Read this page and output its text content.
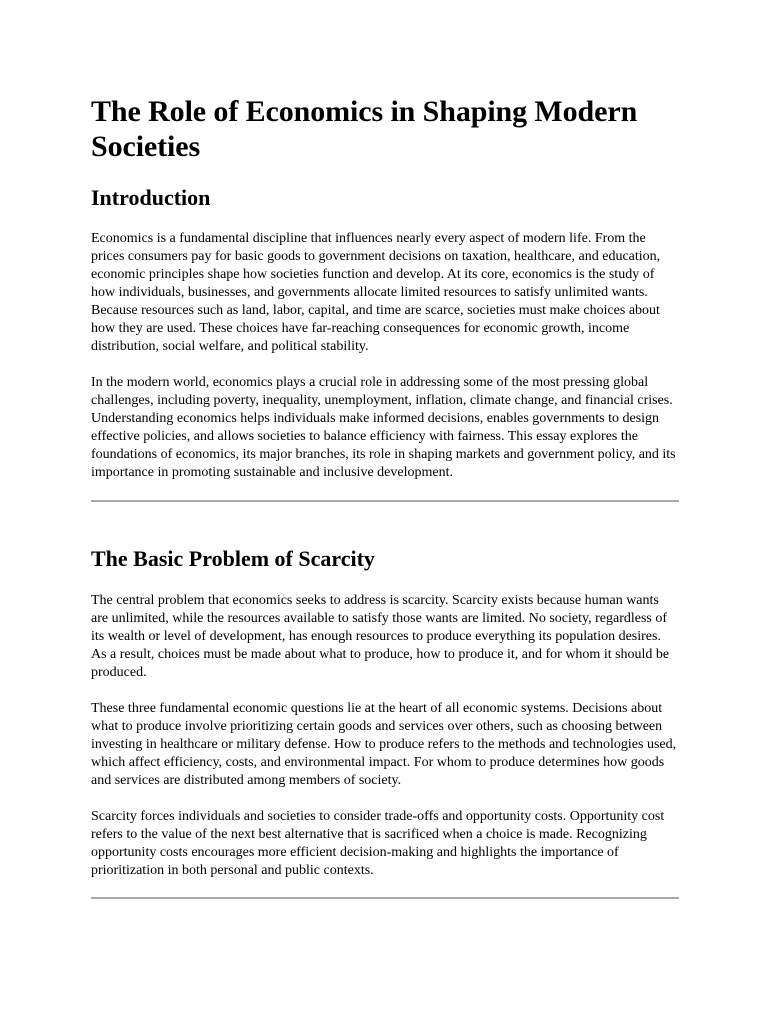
The Role of Economics in Shaping Modern Societies
Introduction

Economics is a fundamental discipline that influences nearly every aspect of modern life. From the prices consumers pay for basic goods to government decisions on taxation, healthcare, and education, economic principles shape how societies function and develop. At its core, economics is the study of how individuals, businesses, and governments allocate limited resources to satisfy unlimited wants. Because resources such as land, labor, capital, and time are scarce, societies must make choices about how they are used. These choices have far-reaching consequences for economic growth, income distribution, social welfare, and political stability.

In the modern world, economics plays a crucial role in addressing some of the most pressing global challenges, including poverty, inequality, unemployment, inflation, climate change, and financial crises. Understanding economics helps individuals make informed decisions, enables governments to design effective policies, and allows societies to balance efficiency with fairness. This essay explores the foundations of economics, its major branches, its role in shaping markets and government policy, and its importance in promoting sustainable and inclusive development.

The Basic Problem of Scarcity

The central problem that economics seeks to address is scarcity. Scarcity exists because human wants are unlimited, while the resources available to satisfy those wants are limited. No society, regardless of its wealth or level of development, has enough resources to produce everything its population desires. As a result, choices must be made about what to produce, how to produce it, and for whom it should be produced.

These three fundamental economic questions lie at the heart of all economic systems. Decisions about what to produce involve prioritizing certain goods and services over others, such as choosing between investing in healthcare or military defense. How to produce refers to the methods and technologies used, which affect efficiency, costs, and environmental impact. For whom to produce determines how goods and services are distributed among members of society.

Scarcity forces individuals and societies to consider trade-offs and opportunity costs. Opportunity cost refers to the value of the next best alternative that is sacrificed when a choice is made. Recognizing opportunity costs encourages more efficient decision-making and highlights the importance of prioritization in both personal and public contexts.
